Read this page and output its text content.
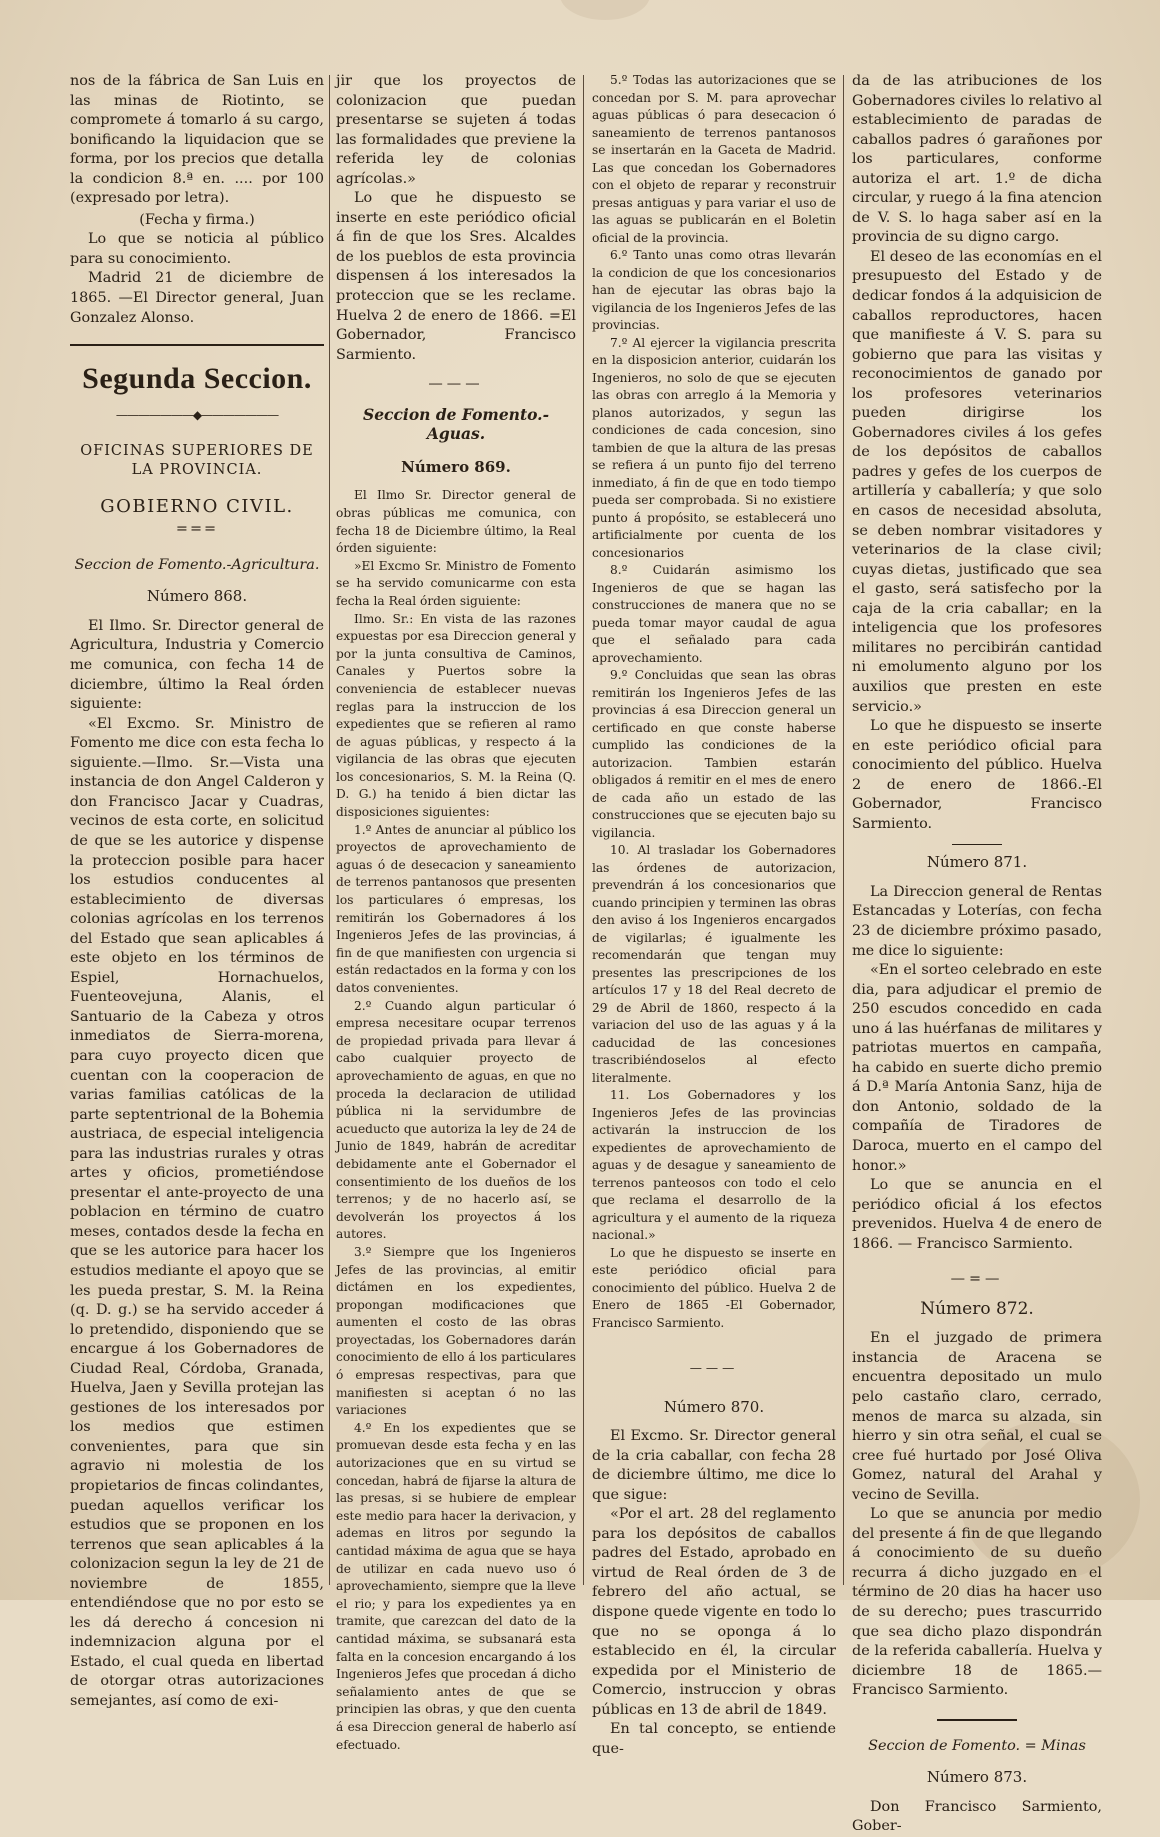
nos de la fábrica de San Luis en las minas de Riotinto, se compromete á tomarlo á su cargo, bonificando la liquidacion que se forma, por los precios que detalla la condicion 8.ª en. .... por 100 (expresado por letra).

(Fecha y firma.)

Lo que se noticia al público para su conocimiento.

Madrid 21 de diciembre de 1865. —El Director general, Juan Gonzalez Alonso.

Segunda Seccion.
———————◆———————
OFICINAS SUPERIORES DE LA PROVINCIA.
GOBIERNO CIVIL.
===
Seccion de Fomento.-Agricultura.
Número 868.

El Ilmo. Sr. Director general de Agricultura, Industria y Comercio me comunica, con fecha 14 de diciembre, último la Real órden siguiente:

«El Excmo. Sr. Ministro de Fomento me dice con esta fecha lo siguiente.—Ilmo. Sr.—Vista una instancia de don Angel Calderon y don Francisco Jacar y Cuadras, vecinos de esta corte, en solicitud de que se les autorice y dispense la proteccion posible para hacer los estudios conducentes al establecimiento de diversas colonias agrícolas en los terrenos del Estado que sean aplicables á este objeto en los términos de Espiel, Hornachuelos, Fuenteovejuna, Alanis, el Santuario de la Cabeza y otros inmediatos de Sierra-morena, para cuyo proyecto dicen que cuentan con la cooperacion de varias familias católicas de la parte septentrional de la Bohemia austriaca, de especial inteligencia para las industrias rurales y otras artes y oficios, prometiéndose presentar el ante-proyecto de una poblacion en término de cuatro meses, contados desde la fecha en que se les autorice para hacer los estudios mediante el apoyo que se les pueda prestar, S. M. la Reina (q. D. g.) se ha servido acceder á lo pretendido, disponiendo que se encargue á los Gobernadores de Ciudad Real, Córdoba, Granada, Huelva, Jaen y Sevilla protejan las gestiones de los interesados por los medios que estimen convenientes, para que sin agravio ni molestia de los propietarios de fincas colindantes, puedan aquellos verificar los estudios que se proponen en los terrenos que sean aplicables á la colonizacion segun la ley de 21 de noviembre de 1855, entendiéndose que no por esto se les dá derecho á concesion ni indemnizacion alguna por el Estado, el cual queda en libertad de otorgar otras autorizaciones semejantes, así como de exi-

jir que los proyectos de colonizacion que puedan presentarse se sujeten á todas las formalidades que previene la referida ley de colonias agrícolas.»

Lo que he dispuesto se inserte en este periódico oficial á fin de que los Sres. Alcaldes de los pueblos de esta provincia dispensen á los interesados la proteccion que se les reclame. Huelva 2 de enero de 1866. =El Gobernador, Francisco Sarmiento.

———
Seccion de Fomento.-Aguas.
Número 869.

El Ilmo Sr. Director general de obras públicas me comunica, con fecha 18 de Diciembre último, la Real órden siguiente:

»El Excmo Sr. Ministro de Fomento se ha servido comunicarme con esta fecha la Real órden siguiente:

Ilmo. Sr.: En vista de las razones expuestas por esa Direccion general y por la junta consultiva de Caminos, Canales y Puertos sobre la conveniencia de establecer nuevas reglas para la instruccion de los expedientes que se refieren al ramo de aguas públicas, y respecto á la vigilancia de las obras que ejecuten los concesionarios, S. M. la Reina (Q. D. G.) ha tenido á bien dictar las disposiciones siguientes:

1.º Antes de anunciar al público los proyectos de aprovechamiento de aguas ó de desecacion y saneamiento de terrenos pantanosos que presenten los particulares ó empresas, los remitirán los Gobernadores á los Ingenieros Jefes de las provincias, á fin de que manifiesten con urgencia si están redactados en la forma y con los datos convenientes.

2.º Cuando algun particular ó empresa necesitare ocupar terrenos de propiedad privada para llevar á cabo cualquier proyecto de aprovechamiento de aguas, en que no proceda la declaracion de utilidad pública ni la servidumbre de acueducto que autoriza la ley de 24 de Junio de 1849, habrán de acreditar debidamente ante el Gobernador el consentimiento de los dueños de los terrenos; y de no hacerlo así, se devolverán los proyectos á los autores.

3.º Siempre que los Ingenieros Jefes de las provincias, al emitir dictámen en los expedientes, propongan modificaciones que aumenten el costo de las obras proyectadas, los Gobernadores darán conocimiento de ello á los particulares ó empresas respectivas, para que manifiesten si aceptan ó no las variaciones

4.º En los expedientes que se promuevan desde esta fecha y en las autorizaciones que en su virtud se concedan, habrá de fijarse la altura de las presas, si se hubiere de emplear este medio para hacer la derivacion, y ademas en litros por segundo la cantidad máxima de agua que se haya de utilizar en cada nuevo uso ó aprovechamiento, siempre que la lleve el rio; y para los expedientes ya en tramite, que carezcan del dato de la cantidad máxima, se subsanará esta falta en la concesion encargando á los Ingenieros Jefes que procedan á dicho señalamiento antes de que se principien las obras, y que den cuenta á esa Direccion general de haberlo así efectuado.

5.º Todas las autorizaciones que se concedan por S. M. para aprovechar aguas públicas ó para desecacion ó saneamiento de terrenos pantanosos se insertarán en la Gaceta de Madrid. Las que concedan los Gobernadores con el objeto de reparar y reconstruir presas antiguas y para variar el uso de las aguas se publicarán en el Boletin oficial de la provincia.

6.º Tanto unas como otras llevarán la condicion de que los concesionarios han de ejecutar las obras bajo la vigilancia de los Ingenieros Jefes de las provincias.

7.º Al ejercer la vigilancia prescrita en la disposicion anterior, cuidarán los Ingenieros, no solo de que se ejecuten las obras con arreglo á la Memoria y planos autorizados, y segun las condiciones de cada concesion, sino tambien de que la altura de las presas se refiera á un punto fijo del terreno inmediato, á fin de que en todo tiempo pueda ser comprobada. Si no existiere punto á propósito, se establecerá uno artificialmente por cuenta de los concesionarios

8.º Cuidarán asimismo los Ingenieros de que se hagan las construcciones de manera que no se pueda tomar mayor caudal de agua que el señalado para cada aprovechamiento.

9.º Concluidas que sean las obras remitirán los Ingenieros Jefes de las provincias á esa Direccion general un certificado en que conste haberse cumplido las condiciones de la autorizacion. Tambien estarán obligados á remitir en el mes de enero de cada año un estado de las construcciones que se ejecuten bajo su vigilancia.

10. Al trasladar los Gobernadores las órdenes de autorizacion, prevendrán á los concesionarios que cuando principien y terminen las obras den aviso á los Ingenieros encargados de vigilarlas; é igualmente les recomendarán que tengan muy presentes las prescripciones de los artículos 17 y 18 del Real decreto de 29 de Abril de 1860, respecto á la variacion del uso de las aguas y á la caducidad de las concesiones trascribiéndoselos al efecto literalmente.

11. Los Gobernadores y los Ingenieros Jefes de las provincias activarán la instruccion de los expedientes de aprovechamiento de aguas y de desague y saneamiento de terrenos panteosos con todo el celo que reclama el desarrollo de la agricultura y el aumento de la riqueza nacional.»

Lo que he dispuesto se inserte en este periódico oficial para conocimiento del público. Huelva 2 de Enero de 1865 -El Gobernador, Francisco Sarmiento.

———
Número 870.

El Excmo. Sr. Director general de la cria caballar, con fecha 28 de diciembre último, me dice lo que sigue:

«Por el art. 28 del reglamento para los depósitos de caballos padres del Estado, aprobado en virtud de Real órden de 3 de febrero del año actual, se dispone quede vigente en todo lo que no se oponga á lo establecido en él, la circular expedida por el Ministerio de Comercio, instruccion y obras públicas en 13 de abril de 1849.

En tal concepto, se entiende que-

da de las atribuciones de los Gobernadores civiles lo relativo al establecimiento de paradas de caballos padres ó garañones por los particulares, conforme autoriza el art. 1.º de dicha circular, y ruego á la fina atencion de V. S. lo haga saber así en la provincia de su digno cargo.

El deseo de las economías en el presupuesto del Estado y de dedicar fondos á la adquisicion de caballos reproductores, hacen que manifieste á V. S. para su gobierno que para las visitas y reconocimientos de ganado por los profesores veterinarios pueden dirigirse los Gobernadores civiles á los gefes de los depósitos de caballos padres y gefes de los cuerpos de artillería y caballería; y que solo en casos de necesidad absoluta, se deben nombrar visitadores y veterinarios de la clase civil; cuyas dietas, justificado que sea el gasto, será satisfecho por la caja de la cria caballar; en la inteligencia que los profesores militares no percibirán cantidad ni emolumento alguno por los auxilios que presten en este servicio.»

Lo que he dispuesto se inserte en este periódico oficial para conocimiento del público. Huelva 2 de enero de 1866.-El Gobernador, Francisco Sarmiento.

Número 871.

La Direccion general de Rentas Estancadas y Loterías, con fecha 23 de diciembre próximo pasado, me dice lo siguiente:

«En el sorteo celebrado en este dia, para adjudicar el premio de 250 escudos concedido en cada uno á las huérfanas de militares y patriotas muertos en campaña, ha cabido en suerte dicho premio á D.ª María Antonia Sanz, hija de don Antonio, soldado de la compañía de Tiradores de Daroca, muerto en el campo del honor.»

Lo que se anuncia en el periódico oficial á los efectos prevenidos. Huelva 4 de enero de 1866. — Francisco Sarmiento.

—=—
Número 872.

En el juzgado de primera instancia de Aracena se encuentra depositado un mulo pelo castaño claro, cerrado, menos de marca su alzada, sin hierro y sin otra señal, el cual se cree fué hurtado por José Oliva Gomez, natural del Arahal y vecino de Sevilla.

Lo que se anuncia por medio del presente á fin de que llegando á conocimiento de su dueño recurra á dicho juzgado en el término de 20 dias ha hacer uso de su derecho; pues trascurrido que sea dicho plazo dispondrán de la referida caballería. Huelva y diciembre 18 de 1865.—Francisco Sarmiento.

Seccion de Fomento. = Minas
Número 873.

Don Francisco Sarmiento, Gober-
